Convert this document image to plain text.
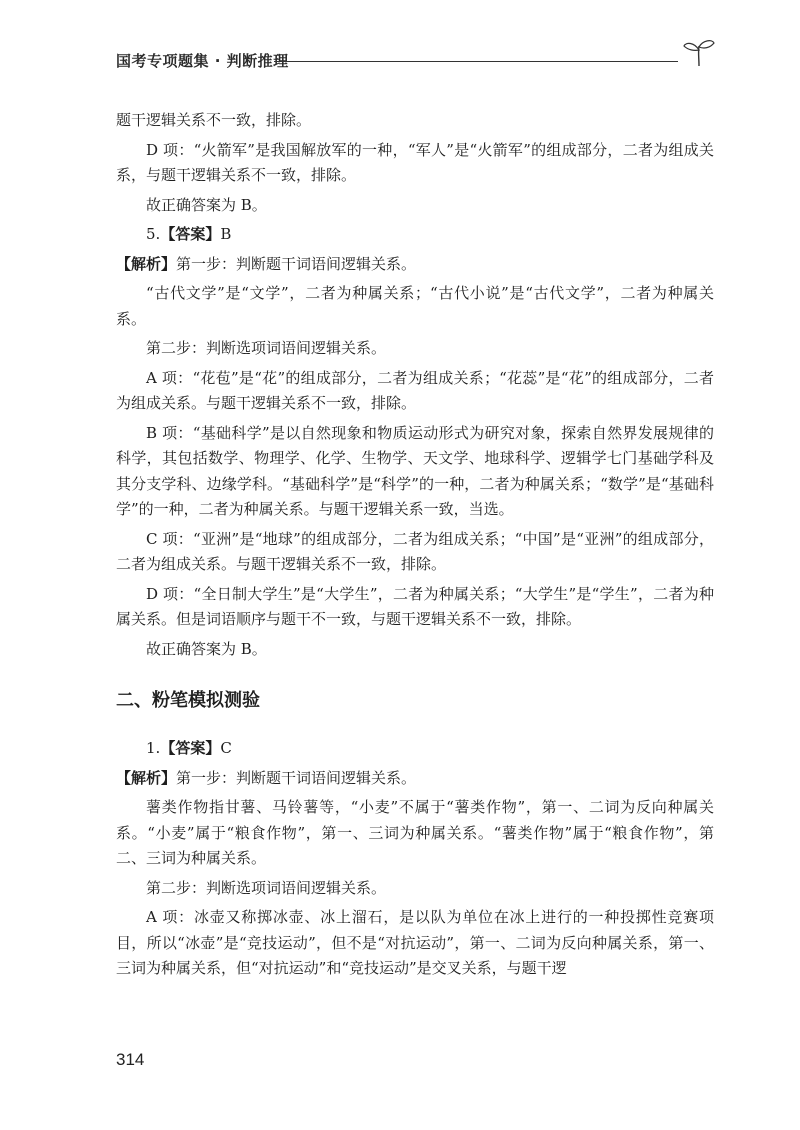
国考专项题集 · 判断推理

题干逻辑关系不一致，排除。

D 项：“火箭军”是我国解放军的一种，“军人”是“火箭军”的组成部分，二者为组成关系，与题干逻辑关系不一致，排除。

故正确答案为 B。

5.【答案】B

【解析】第一步：判断题干词语间逻辑关系。

“古代文学”是“文学”，二者为种属关系；“古代小说”是“古代文学”，二者为种属关系。

第二步：判断选项词语间逻辑关系。

A 项：“花苞”是“花”的组成部分，二者为组成关系；“花蕊”是“花”的组成部分，二者为组成关系。与题干逻辑关系不一致，排除。

B 项：“基础科学”是以自然现象和物质运动形式为研究对象，探索自然界发展规律的科学，其包括数学、物理学、化学、生物学、天文学、地球科学、逻辑学七门基础学科及其分支学科、边缘学科。“基础科学”是“科学”的一种，二者为种属关系；“数学”是“基础科学”的一种，二者为种属关系。与题干逻辑关系一致，当选。

C 项：“亚洲”是“地球”的组成部分，二者为组成关系；“中国”是“亚洲”的组成部分，二者为组成关系。与题干逻辑关系不一致，排除。

D 项：“全日制大学生”是“大学生”，二者为种属关系；“大学生”是“学生”，二者为种属关系。但是词语顺序与题干不一致，与题干逻辑关系不一致，排除。

故正确答案为 B。

二、粉笔模拟测验

1.【答案】C

【解析】第一步：判断题干词语间逻辑关系。

薯类作物指甘薯、马铃薯等，“小麦”不属于“薯类作物”，第一、二词为反向种属关系。“小麦”属于“粮食作物”，第一、三词为种属关系。“薯类作物”属于“粮食作物”，第二、三词为种属关系。

第二步：判断选项词语间逻辑关系。

A 项：冰壶又称掷冰壶、冰上溜石，是以队为单位在冰上进行的一种投掷性竞赛项目，所以“冰壶”是“竞技运动”，但不是“对抗运动”，第一、二词为反向种属关系，第一、三词为种属关系，但“对抗运动”和“竞技运动”是交叉关系，与题干逻

314
